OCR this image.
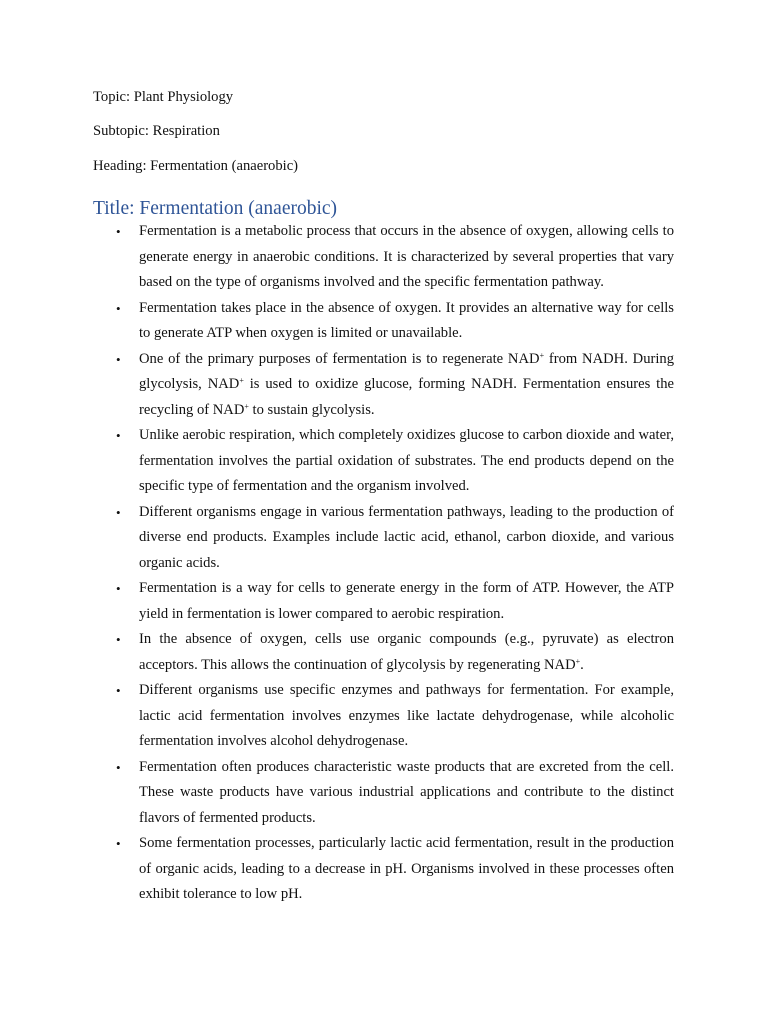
Topic: Plant Physiology
Subtopic: Respiration
Heading: Fermentation (anaerobic)
Title: Fermentation (anaerobic)
• Fermentation is a metabolic process that occurs in the absence of oxygen, allowing cells to generate energy in anaerobic conditions. It is characterized by several properties that vary based on the type of organisms involved and the specific fermentation pathway.
• Fermentation takes place in the absence of oxygen. It provides an alternative way for cells to generate ATP when oxygen is limited or unavailable.
• One of the primary purposes of fermentation is to regenerate NAD+ from NADH. During glycolysis, NAD+ is used to oxidize glucose, forming NADH. Fermentation ensures the recycling of NAD+ to sustain glycolysis.
• Unlike aerobic respiration, which completely oxidizes glucose to carbon dioxide and water, fermentation involves the partial oxidation of substrates. The end products depend on the specific type of fermentation and the organism involved.
• Different organisms engage in various fermentation pathways, leading to the production of diverse end products. Examples include lactic acid, ethanol, carbon dioxide, and various organic acids.
• Fermentation is a way for cells to generate energy in the form of ATP. However, the ATP yield in fermentation is lower compared to aerobic respiration.
• In the absence of oxygen, cells use organic compounds (e.g., pyruvate) as electron acceptors. This allows the continuation of glycolysis by regenerating NAD+.
• Different organisms use specific enzymes and pathways for fermentation. For example, lactic acid fermentation involves enzymes like lactate dehydrogenase, while alcoholic fermentation involves alcohol dehydrogenase.
• Fermentation often produces characteristic waste products that are excreted from the cell. These waste products have various industrial applications and contribute to the distinct flavors of fermented products.
• Some fermentation processes, particularly lactic acid fermentation, result in the production of organic acids, leading to a decrease in pH. Organisms involved in these processes often exhibit tolerance to low pH.
